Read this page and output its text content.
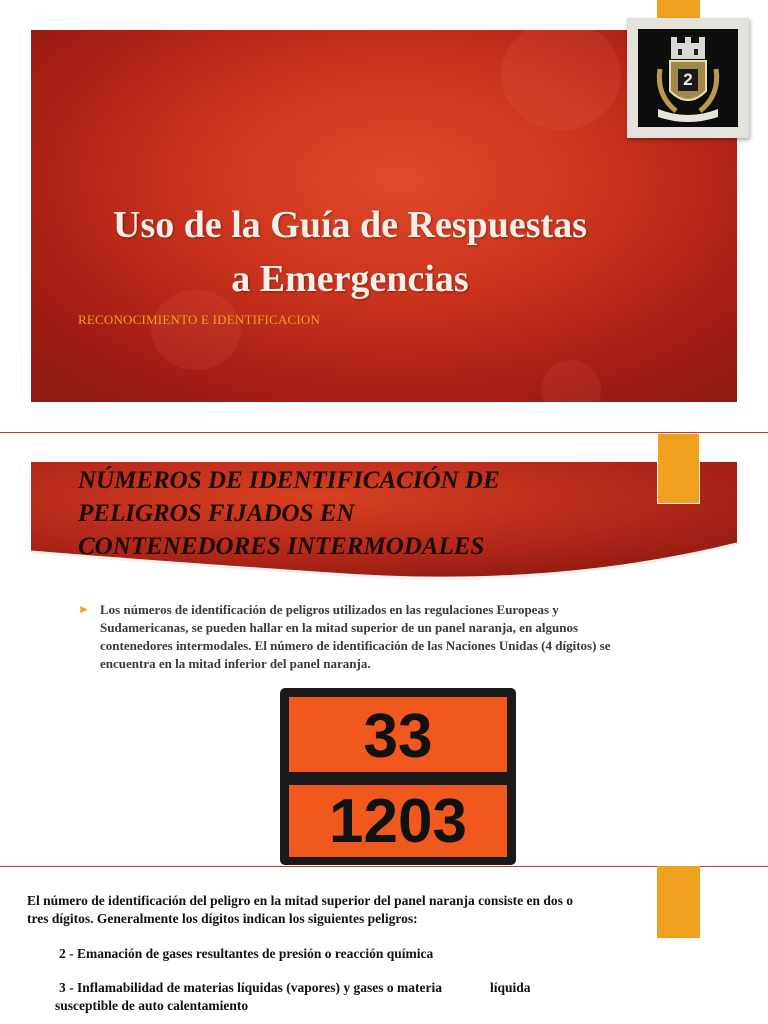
Uso de la Guía de Respuestas
a Emergencias
RECONOCIMIENTO E IDENTIFICACION
2
NÚMEROS DE IDENTIFICACIÓN DE
PELIGROS FIJADOS EN
CONTENEDORES INTERMODALES
► Los números de identificación de peligros utilizados en las regulaciones Europeas y Sudamericanas, se pueden hallar en la mitad superior de un panel naranja, en algunos contenedores intermodales. El número de identificación de las Naciones Unidas (4 dígitos) se encuentra en la mitad inferior del panel naranja.
33
1203
El número de identificación del peligro en la mitad superior del panel naranja consiste en dos o tres dígitos. Generalmente los dígitos indican los siguientes peligros:
2 - Emanación de gases resultantes de presión o reacción química
3 - Inflamabilidad de materias líquidas (vapores) y gases o materia	líquida
susceptible de auto calentamiento
